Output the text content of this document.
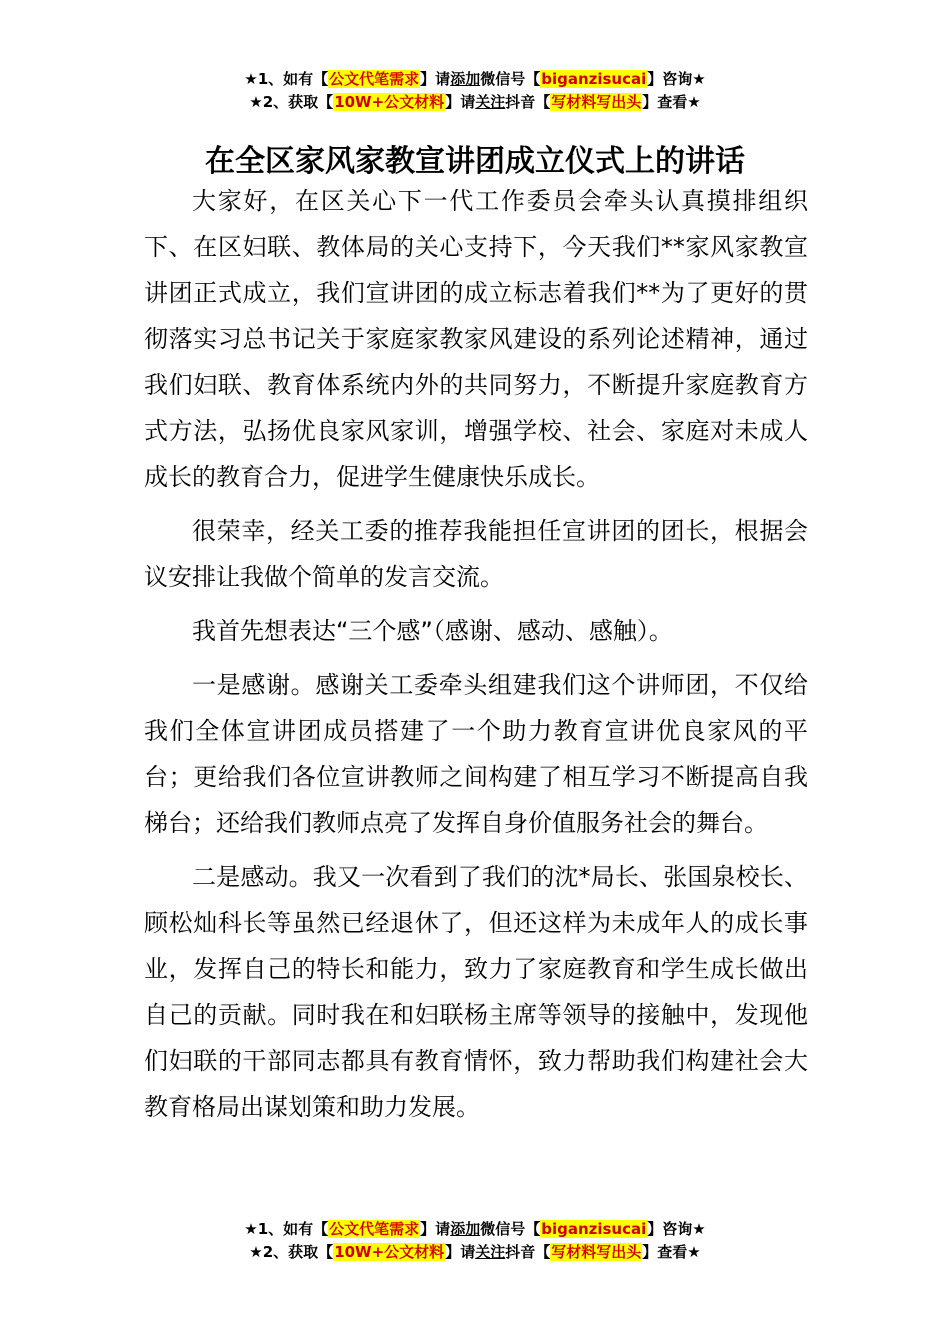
★1、如有【公文代笔需求】请添加微信号【biganzisucai】咨询★
★2、获取【10W+公文材料】请关注抖音【写材料写出头】查看★
在全区家风家教宣讲团成立仪式上的讲话

大家好，在区关心下一代工作委员会牵头认真摸排组织下、在区妇联、教体局的关心支持下，今天我们**家风家教宣讲团正式成立，我们宣讲团的成立标志着我们**为了更好的贯彻落实习总书记关于家庭家教家风建设的系列论述精神，通过我们妇联、教育体系统内外的共同努力，不断提升家庭教育方式方法，弘扬优良家风家训，增强学校、社会、家庭对未成人成长的教育合力，促进学生健康快乐成长。

很荣幸，经关工委的推荐我能担任宣讲团的团长，根据会议安排让我做个简单的发言交流。

我首先想表达“三个感”（感谢、感动、感触）。

一是感谢。感谢关工委牵头组建我们这个讲师团，不仅给我们全体宣讲团成员搭建了一个助力教育宣讲优良家风的平台；更给我们各位宣讲教师之间构建了相互学习不断提高自我梯台；还给我们教师点亮了发挥自身价值服务社会的舞台。

二是感动。我又一次看到了我们的沈*局长、张国泉校长、顾松灿科长等虽然已经退休了，但还这样为未成年人的成长事业，发挥自己的特长和能力，致力了家庭教育和学生成长做出自己的贡献。同时我在和妇联杨主席等领导的接触中，发现他们妇联的干部同志都具有教育情怀，致力帮助我们构建社会大教育格局出谋划策和助力发展。

★1、如有【公文代笔需求】请添加微信号【biganzisucai】咨询★
★2、获取【10W+公文材料】请关注抖音【写材料写出头】查看★
